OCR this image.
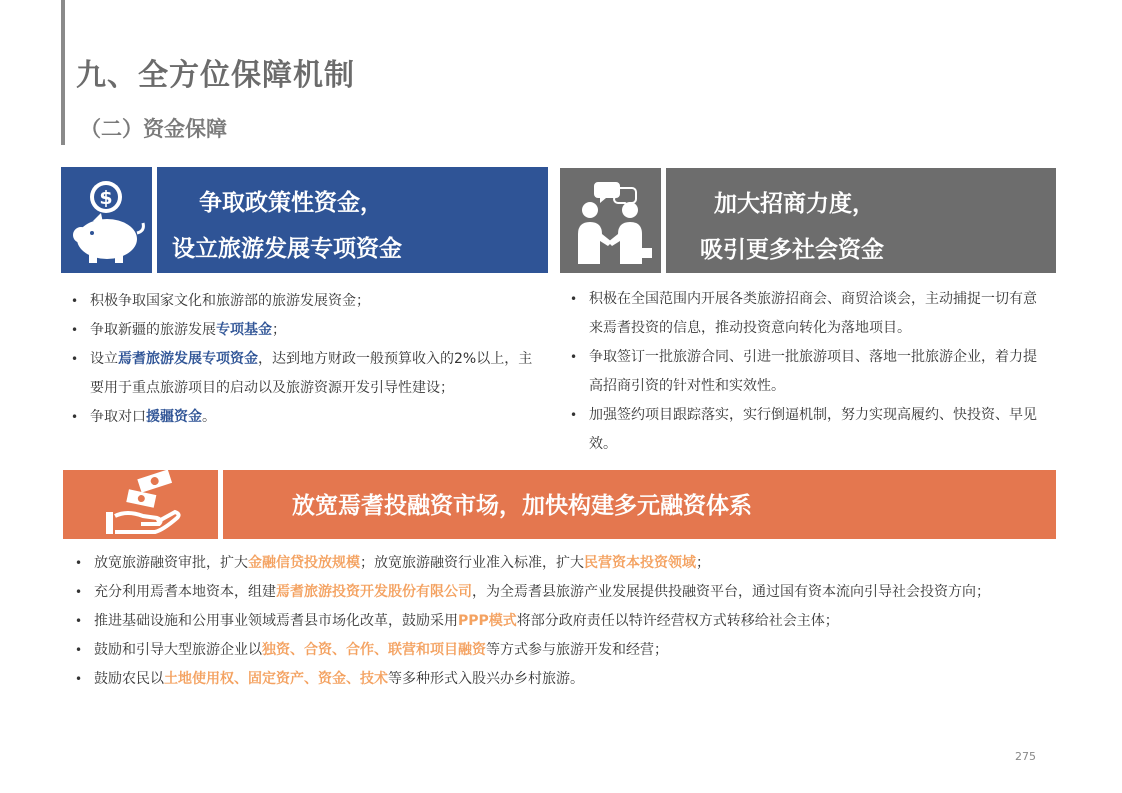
九、全方位保障机制
（二）资金保障
$	争取政策性资金，
设立旅游发展专项资金
加大招商力度，
吸引更多社会资金
• 积极争取国家文化和旅游部的旅游发展资金；
• 争取新疆的旅游发展专项基金；
• 设立焉耆旅游发展专项资金，达到地方财政一般预算收入的2%以上，主要用于重点旅游项目的启动以及旅游资源开发引导性建设；
• 争取对口援疆资金。
• 积极在全国范围内开展各类旅游招商会、商贸洽谈会，主动捕捉一切有意来焉耆投资的信息，推动投资意向转化为落地项目。
• 争取签订一批旅游合同、引进一批旅游项目、落地一批旅游企业，着力提高招商引资的针对性和实效性。
• 加强签约项目跟踪落实，实行倒逼机制，努力实现高履约、快投资、早见效。
放宽焉耆投融资市场，加快构建多元融资体系
• 放宽旅游融资审批，扩大金融信贷投放规模；放宽旅游融资行业准入标准，扩大民营资本投资领域；
• 充分利用焉耆本地资本，组建焉耆旅游投资开发股份有限公司，为全焉耆县旅游产业发展提供投融资平台，通过国有资本流向引导社会投资方向；
• 推进基础设施和公用事业领域焉耆县市场化改革，鼓励采用PPP模式将部分政府责任以特许经营权方式转移给社会主体；
• 鼓励和引导大型旅游企业以独资、合资、合作、联营和项目融资等方式参与旅游开发和经营；
• 鼓励农民以土地使用权、固定资产、资金、技术等多种形式入股兴办乡村旅游。
275
